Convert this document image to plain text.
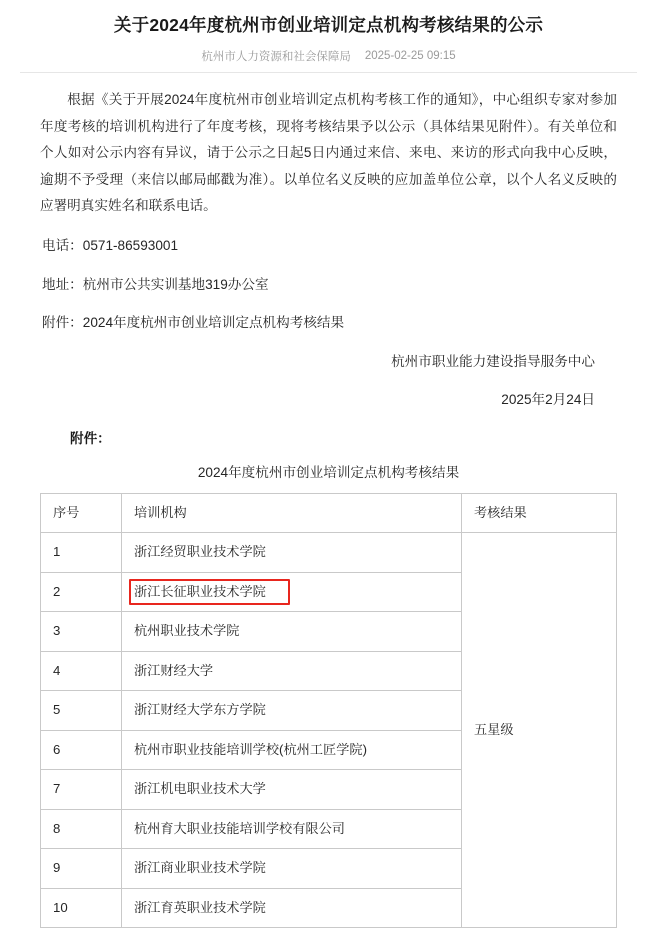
关于2024年度杭州市创业培训定点机构考核结果的公示
杭州市人力资源和社会保障局 2025-02-25 09:15

根据《关于开展2024年度杭州市创业培训定点机构考核工作的通知》，中心组织专家对参加年度考核的培训机构进行了年度考核，现将考核结果予以公示（具体结果见附件）。有关单位和个人如对公示内容有异议，请于公示之日起5日内通过来信、来电、来访的形式向我中心反映，逾期不予受理（来信以邮局邮戳为准）。以单位名义反映的应加盖单位公章，以个人名义反映的应署明真实姓名和联系电话。

电话：0571-86593001

地址：杭州市公共实训基地319办公室

附件：2024年度杭州市创业培训定点机构考核结果

杭州市职业能力建设指导服务中心

2025年2月24日

附件：
2024年度杭州市创业培训定点机构考核结果
序号	培训机构	考核结果
1	浙江经贸职业技术学院	五星级
2	浙江长征职业技术学院	
3	杭州职业技术学院	
4	浙江财经大学	
5	浙江财经大学东方学院	
6	杭州市职业技能培训学校(杭州工匠学院)	
7	浙江机电职业技术大学	
8	杭州育大职业技能培训学校有限公司	
9	浙江商业职业技术学院	
10	浙江育英职业技术学院	
